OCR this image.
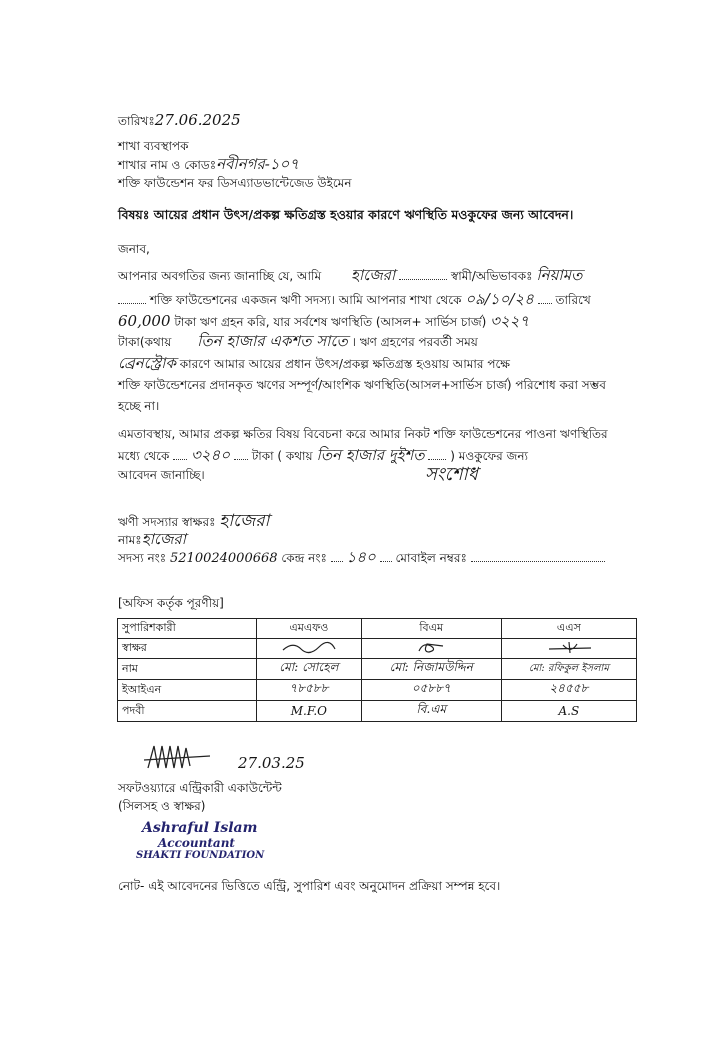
তারিখঃ27.06.2025
শাখা ব্যবস্থাপক
শাখার নাম ও কোডঃনবীনগর-১০৭
শক্তি ফাউন্ডেশন ফর ডিসএ্যাডভান্টেজেড উইমেন
বিষয়ঃ আয়ের প্রধান উৎস/প্রকল্প ক্ষতিগ্রস্ত হওয়ার কারণে ঋণস্থিতি মওকুফের জন্য আবেদন।
জনাব,
আপনার অবগতির জন্য জানাচ্ছি যে, আমি হাজেরা	স্বামী/অভিভাবকঃ নিয়ামত
শক্তি ফাউন্ডেশনের একজন ঋণী সদস্য। আমি আপনার শাখা থেকে ০৯/১০/২৪ তারিখে
60,000 টাকা ঋণ গ্রহন করি, যার সর্বশেষ ঋণস্থিতি (আসল+ সার্ভিস চার্জ) ৩২২৭
টাকা(কথায় তিন হাজার একশত সাতে । ঋণ গ্রহণের পরবর্তী সময়
ব্রেনস্ট্রোক কারণে আমার আয়ের প্রধান উৎস/প্রকল্প ক্ষতিগ্রস্ত হওয়ায় আমার পক্ষে
শক্তি ফাউন্ডেশনের প্রদানকৃত ঋণের সম্পূর্ণ/আংশিক ঋণস্থিতি(আসল+সার্ভিস চার্জ) পরিশোধ করা সম্ভব
হচ্ছে না।
এমতাবস্থায়, আমার প্রকল্প ক্ষতির বিষয় বিবেচনা করে আমার নিকট শক্তি ফাউন্ডেশনের পাওনা ঋণস্থিতির
মধ্যে থেকে ৩২৪০ টাকা ( কথায় তিন হাজার দুইশত ) মওকুফের জন্য
আবেদন জানাচ্ছি।	সংশোধ
ঋণী সদস্যার স্বাক্ষরঃ হাজেরা
নামঃহাজেরা
সদস্য নংঃ 5210024000668 কেন্দ্র নংঃ ১৪০ মোবাইল নম্বরঃ
[অফিস কর্তৃক পূরণীয়]
সুপারিশকারী	এমএফও	বিএম	এএস
স্বাক্ষর			
নাম	মো: সোহেল	মো: নিজামউদ্দিন	মো: রফিকুল ইসলাম
ইআইএন	৭৮৫৮৮	০৫৮৮৭	২৪৫৫৮
পদবী	M.F.O	বি.এম	A.S
27.03.25
সফটওয়্যারে এন্ট্রিকারী একাউন্টেন্ট
(সিলসহ ও স্বাক্ষর)
Ashraful Islam
Accountant
SHAKTI FOUNDATION
নোট- এই আবেদনের ভিত্তিতে এন্ট্রি, সুপারিশ এবং অনুমোদন প্রক্রিয়া সম্পন্ন হবে।
